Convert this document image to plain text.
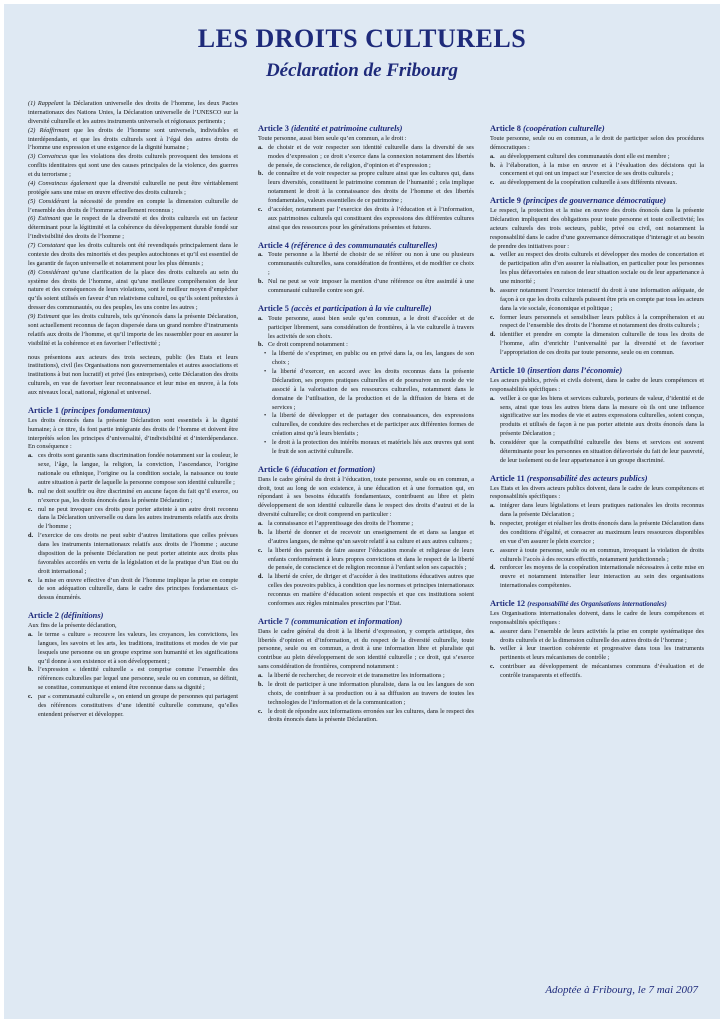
LES DROITS CULTURELS
Déclaration de Fribourg

(1) Rappelant la Déclaration universelle des droits de l’homme, les deux Pactes internationaux des Nations Unies, la Déclaration universelle de l’UNESCO sur la diversité culturelle et les autres instruments universels et régionaux pertinents ;

(2) Réaffirmant que les droits de l’homme sont universels, indivisibles et interdépendants, et que les droits culturels sont à l’égal des autres droits de l’homme une expression et une exigence de la dignité humaine ;

(3) Convaincus que les violations des droits culturels provoquent des tensions et conflits identitaires qui sont une des causes principales de la violence, des guerres et du terrorisme ;

(4) Convaincus également que la diversité culturelle ne peut être véritablement protégée sans une mise en œuvre effective des droits culturels ;

(5) Considérant la nécessité de prendre en compte la dimension culturelle de l’ensemble des droits de l’homme actuellement reconnus ;

(6) Estimant que le respect de la diversité et des droits culturels est un facteur déterminant pour la légitimité et la cohérence du développement durable fondé sur l’indivisibilité des droits de l’homme ;

(7) Constatant que les droits culturels ont été revendiqués principalement dans le contexte des droits des minorités et des peuples autochtones et qu’il est essentiel de les garantir de façon universelle et notamment pour les plus démunis ;

(8) Considérant qu’une clarification de la place des droits culturels au sein du système des droits de l’homme, ainsi qu’une meilleure compréhension de leur nature et des conséquences de leurs violations, sont le meilleur moyen d’empêcher qu’ils soient utilisés en faveur d’un relativisme culturel, ou qu’ils soient prétextes à dresser des communautés, ou des peuples, les uns contre les autres ;

(9) Estimant que les droits culturels, tels qu’énoncés dans la présente Déclaration, sont actuellement reconnus de façon dispersée dans un grand nombre d’instruments relatifs aux droits de l’homme, et qu’il importe de les rassembler pour en assurer la visibilité et la cohérence et en favoriser l’effectivité ;

nous présentons aux acteurs des trois secteurs, public (les Etats et leurs institutions), civil (les Organisations non gouvernementales et autres associations et institutions à but non lucratif) et privé (les entreprises), cette Déclaration des droits culturels, en vue de favoriser leur reconnaissance et leur mise en œuvre, à la fois aux niveaux local, national, régional et universel.

Article 1 (principes fondamentaux)

Les droits énoncés dans la présente Déclaration sont essentiels à la dignité humaine; à ce titre, ils font partie intégrante des droits de l’homme et doivent être interprétés selon les principes d’universalité, d’indivisibilité et d’interdépendance. En conséquence :

a. ces droits sont garantis sans discrimination fondée notamment sur la couleur, le sexe, l’âge, la langue, la religion, la conviction, l’ascendance, l’origine nationale ou ethnique, l’origine ou la condition sociale, la naissance ou toute autre situation à partir de laquelle la personne compose son identité culturelle ;
b. nul ne doit souffrir ou être discriminé en aucune façon du fait qu’il exerce, ou n’exerce pas, les droits énoncés dans la présente Déclaration ;
c. nul ne peut invoquer ces droits pour porter atteinte à un autre droit reconnu dans la Déclaration universelle ou dans les autres instruments relatifs aux droits de l’homme ;
d. l’exercice de ces droits ne peut subir d’autres limitations que celles prévues dans les instruments internationaux relatifs aux droits de l’homme ; aucune disposition de la présente Déclaration ne peut porter atteinte aux droits plus favorables accordés en vertu de la législation et de la pratique d’un Etat ou du droit international ;
e. la mise en œuvre effective d’un droit de l’homme implique la prise en compte de son adéquation culturelle, dans le cadre des principes fondamentaux ci-dessus énumérés.
Article 2 (définitions)

Aux fins de la présente déclaration,

a. le terme « culture » recouvre les valeurs, les croyances, les convictions, les langues, les savoirs et les arts, les traditions, institutions et modes de vie par lesquels une personne ou un groupe exprime son humanité et les significations qu’il donne à son existence et à son développement ;
b. l’expression « identité culturelle » est comprise comme l’ensemble des références culturelles par lequel une personne, seule ou en commun, se définit, se constitue, communique et entend être reconnue dans sa dignité ;
c. par « communauté culturelle », on entend un groupe de personnes qui partagent des références constitutives d’une identité culturelle commune, qu’elles entendent préserver et développer.
Article 3 (identité et patrimoine culturels)

Toute personne, aussi bien seule qu’en commun, a le droit :

a. de choisir et de voir respecter son identité culturelle dans la diversité de ses modes d’expression ; ce droit s’exerce dans la connexion notamment des libertés de pensée, de conscience, de religion, d’opinion et d’expression ;
b. de connaître et de voir respecter sa propre culture ainsi que les cultures qui, dans leurs diversités, constituent le patrimoine commun de l’humanité ; cela implique notamment le droit à la connaissance des droits de l’homme et des libertés fondamentales, valeurs essentielles de ce patrimoine ;
c. d’accéder, notamment par l’exercice des droits à l’éducation et à l’information, aux patrimoines culturels qui constituent des expressions des différentes cultures ainsi que des ressources pour les générations présentes et futures.
Article 4 (référence à des communautés culturelles)
a. Toute personne a la liberté de choisir de se référer ou non à une ou plusieurs communautés culturelles, sans considération de frontières, et de modifier ce choix ;
b. Nul ne peut se voir imposer la mention d’une référence ou être assimilé à une communauté culturelle contre son gré.
Article 5 (accès et participation à la vie culturelle)
a. Toute personne, aussi bien seule qu’en commun, a le droit d’accéder et de participer librement, sans considération de frontières, à la vie culturelle à travers les activités de son choix.
b. Ce droit comprend notamment :
• la liberté de s’exprimer, en public ou en privé dans la, ou les, langues de son choix ;
• la liberté d’exercer, en accord avec les droits reconnus dans la présente Déclaration, ses propres pratiques culturelles et de poursuivre un mode de vie associé à la valorisation de ses ressources culturelles, notamment dans le domaine de l’utilisation, de la production et de la diffusion de biens et de services ;
• la liberté de développer et de partager des connaissances, des expressions culturelles, de conduire des recherches et de participer aux différentes formes de création ainsi qu’à leurs bienfaits ;
• le droit à la protection des intérêts moraux et matériels liés aux œuvres qui sont le fruit de son activité culturelle.
Article 6 (éducation et formation)

Dans le cadre général du droit à l’éducation, toute personne, seule ou en commun, a droit, tout au long de son existence, à une éducation et à une formation qui, en répondant à ses besoins éducatifs fondamentaux, contribuent au libre et plein développement de son identité culturelle dans le respect des droits d’autrui et de la diversité culturelle; ce droit comprend en particulier :

a. la connaissance et l’apprentissage des droits de l’homme ;
b. la liberté de donner et de recevoir un enseignement de et dans sa langue et d’autres langues, de même qu’un savoir relatif à sa culture et aux autres cultures ;
c. la liberté des parents de faire assurer l’éducation morale et religieuse de leurs enfants conformément à leurs propres convictions et dans le respect de la liberté de pensée, de conscience et de religion reconnue à l’enfant selon ses capacités ;
d. la liberté de créer, de diriger et d’accéder à des institutions éducatives autres que celles des pouvoirs publics, à condition que les normes et principes internationaux reconnus en matière d’éducation soient respectés et que ces institutions soient conformes aux règles minimales prescrites par l’Etat.
Article 7 (communication et information)

Dans le cadre général du droit à la liberté d’expression, y compris artistique, des libertés d’opinion et d’information, et du respect de la diversité culturelle, toute personne, seule ou en commun, a droit à une information libre et pluraliste qui contribue au plein développement de son identité culturelle ; ce droit, qui s’exerce sans considération de frontières, comprend notamment :

a. la liberté de rechercher, de recevoir et de transmettre les informations ;
b. le droit de participer à une information pluraliste, dans la ou les langues de son choix, de contribuer à sa production ou à sa diffusion au travers de toutes les technologies de l’information et de la communication ;
c. le droit de répondre aux informations erronées sur les cultures, dans le respect des droits énoncés dans la présente Déclaration.
Article 8 (coopération culturelle)

Toute personne, seule ou en commun, a le droit de participer selon des procédures démocratiques :

a. au développement culturel des communautés dont elle est membre ;
b. à l’élaboration, à la mise en œuvre et à l’évaluation des décisions qui la concernent et qui ont un impact sur l’exercice de ses droits culturels ;
c. au développement de la coopération culturelle à ses différents niveaux.
Article 9 (principes de gouvernance démocratique)

Le respect, la protection et la mise en œuvre des droits énoncés dans la présente Déclaration impliquent des obligations pour toute personne et toute collectivité; les acteurs culturels des trois secteurs, public, privé ou civil, ont notamment la responsabilité dans le cadre d’une gouvernance démocratique d’interagir et au besoin de prendre des initiatives pour :

a. veiller au respect des droits culturels et développer des modes de concertation et de participation afin d’en assurer la réalisation, en particulier pour les personnes les plus défavorisées en raison de leur situation sociale ou de leur appartenance à une minorité ;
b. assurer notamment l’exercice interactif du droit à une information adéquate, de façon à ce que les droits culturels puissent être pris en compte par tous les acteurs dans la vie sociale, économique et politique ;
c. former leurs personnels et sensibiliser leurs publics à la compréhension et au respect de l’ensemble des droits de l’homme et notamment des droits culturels ;
d. identifier et prendre en compte la dimension culturelle de tous les droits de l’homme, afin d’enrichir l’universalité par la diversité et de favoriser l’appropriation de ces droits par toute personne, seule ou en commun.
Article 10 (insertion dans l’économie)

Les acteurs publics, privés et civils doivent, dans le cadre de leurs compétences et responsabilités spécifiques :

a. veiller à ce que les biens et services culturels, porteurs de valeur, d’identité et de sens, ainsi que tous les autres biens dans la mesure où ils ont une influence significative sur les modes de vie et autres expressions culturelles, soient conçus, produits et utilisés de façon à ne pas porter atteinte aux droits énoncés dans la présente Déclaration ;
b. considérer que la compatibilité culturelle des biens et services est souvent déterminante pour les personnes en situation défavorisée du fait de leur pauvreté, de leur isolement ou de leur appartenance à un groupe discriminé.
Article 11 (responsabilité des acteurs publics)

Les Etats et les divers acteurs publics doivent, dans le cadre de leurs compétences et responsabilités spécifiques :

a. intégrer dans leurs législations et leurs pratiques nationales les droits reconnus dans la présente Déclaration ;
b. respecter, protéger et réaliser les droits énoncés dans la présente Déclaration dans des conditions d’égalité, et consacrer au maximum leurs ressources disponibles en vue d’en assurer le plein exercice ;
c. assurer à toute personne, seule ou en commun, invoquant la violation de droits culturels l’accès à des recours effectifs, notamment juridictionnels ;
d. renforcer les moyens de la coopération internationale nécessaires à cette mise en œuvre et notamment intensifier leur interaction au sein des organisations internationales compétentes.
Article 12 (responsabilité des Organisations internationales)

Les Organisations internationales doivent, dans le cadre de leurs compétences et responsabilités spécifiques :

a. assurer dans l’ensemble de leurs activités la prise en compte systématique des droits culturels et de la dimension culturelle des autres droits de l’homme ;
b. veiller à leur insertion cohérente et progressive dans tous les instruments pertinents et leurs mécanismes de contrôle ;
c. contribuer au développement de mécanismes communs d’évaluation et de contrôle transparents et effectifs.
Adoptée à Fribourg, le 7 mai 2007
